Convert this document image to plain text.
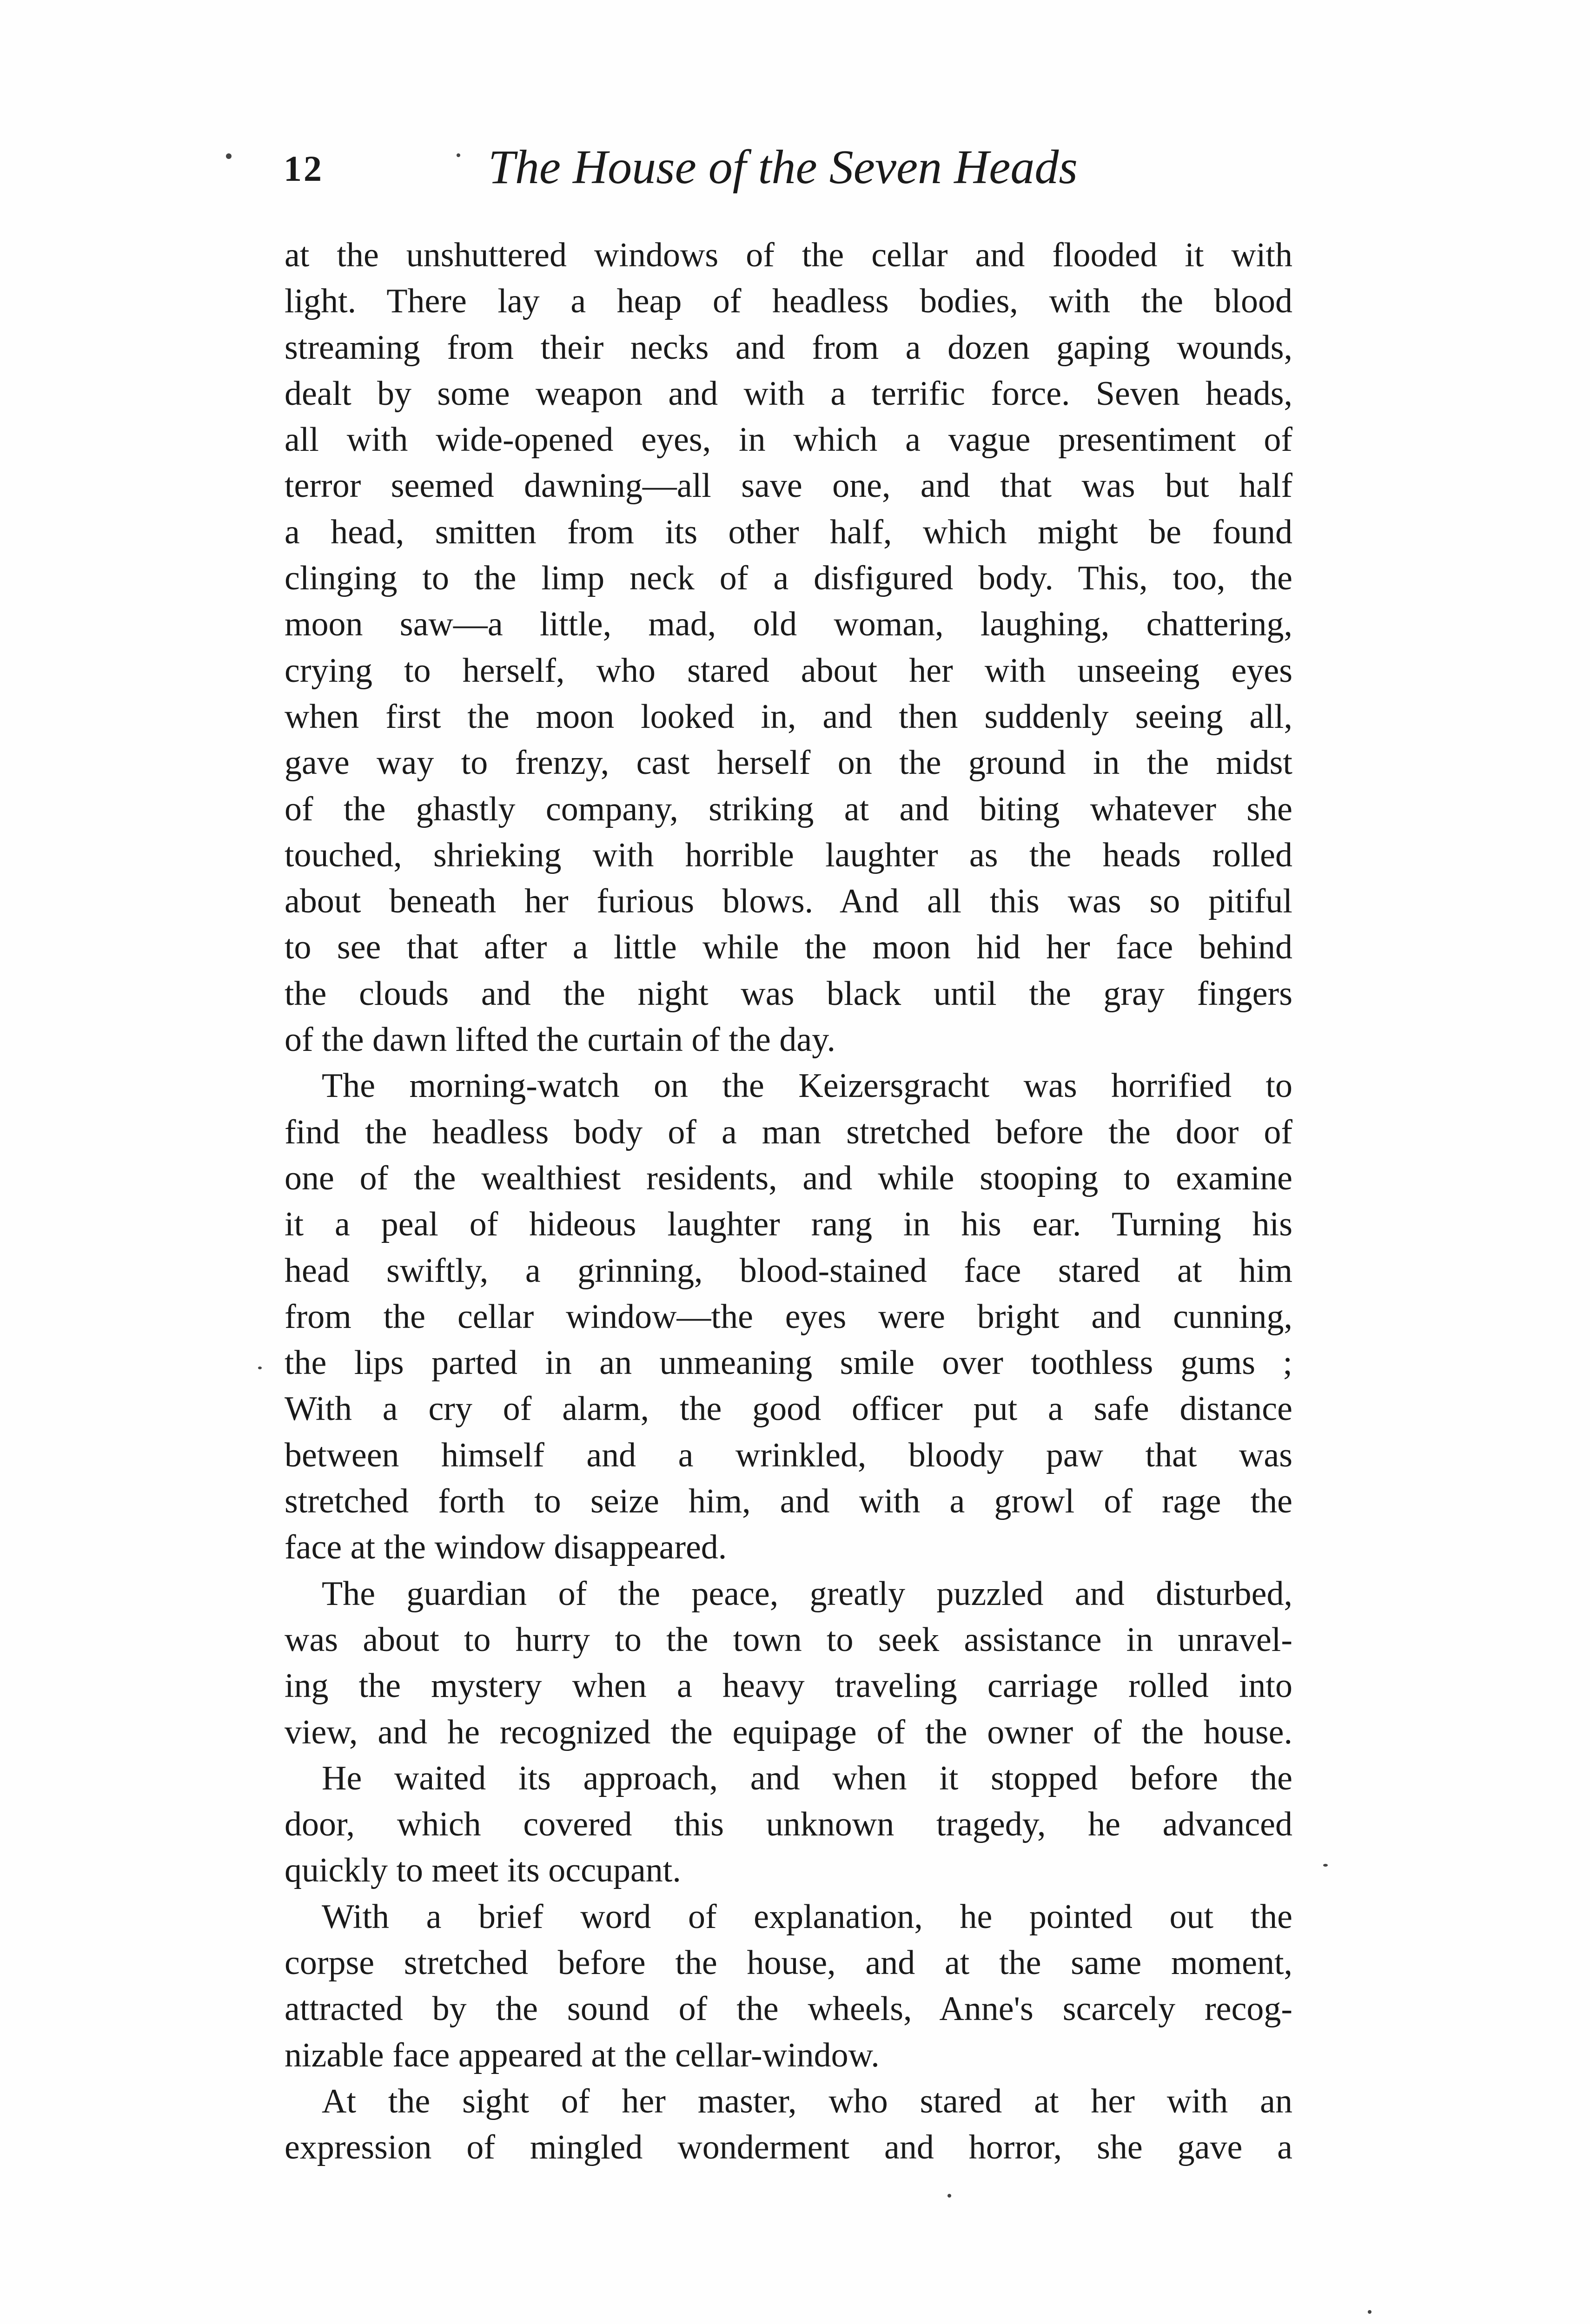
12	The House of the Seven Heads

at the unshuttered windows of the cellar and flooded it with
light. There lay a heap of headless bodies, with the blood
streaming from their necks and from a dozen gaping wounds,
dealt by some weapon and with a terrific force. Seven heads,
all with wide-opened eyes, in which a vague presentiment of
terror seemed dawning—all save one, and that was but half
a head, smitten from its other half, which might be found
clinging to the limp neck of a disfigured body. This, too, the
moon saw—a little, mad, old woman, laughing, chattering,
crying to herself, who stared about her with unseeing eyes
when first the moon looked in, and then suddenly seeing all,
gave way to frenzy, cast herself on the ground in the midst
of the ghastly company, striking at and biting whatever she
touched, shrieking with horrible laughter as the heads rolled
about beneath her furious blows. And all this was so pitiful
to see that after a little while the moon hid her face behind
the clouds and the night was black until the gray fingers
of the dawn lifted the curtain of the day.

The morning-watch on the Keizersgracht was horrified to
find the headless body of a man stretched before the door of
one of the wealthiest residents, and while stooping to examine
it a peal of hideous laughter rang in his ear. Turning his
head swiftly, a grinning, blood-stained face stared at him
from the cellar window—the eyes were bright and cunning,
the lips parted in an unmeaning smile over toothless gums ;
With a cry of alarm, the good officer put a safe distance
between himself and a wrinkled, bloody paw that was
stretched forth to seize him, and with a growl of rage the
face at the window disappeared.

The guardian of the peace, greatly puzzled and disturbed,
was about to hurry to the town to seek assistance in unravel-
ing the mystery when a heavy traveling carriage rolled into
view, and he recognized the equipage of the owner of the house.

He waited its approach, and when it stopped before the
door, which covered this unknown tragedy, he advanced
quickly to meet its occupant.

With a brief word of explanation, he pointed out the
corpse stretched before the house, and at the same moment,
attracted by the sound of the wheels, Anne's scarcely recog-
nizable face appeared at the cellar-window.

At the sight of her master, who stared at her with an
expression of mingled wonderment and horror, she gave a
